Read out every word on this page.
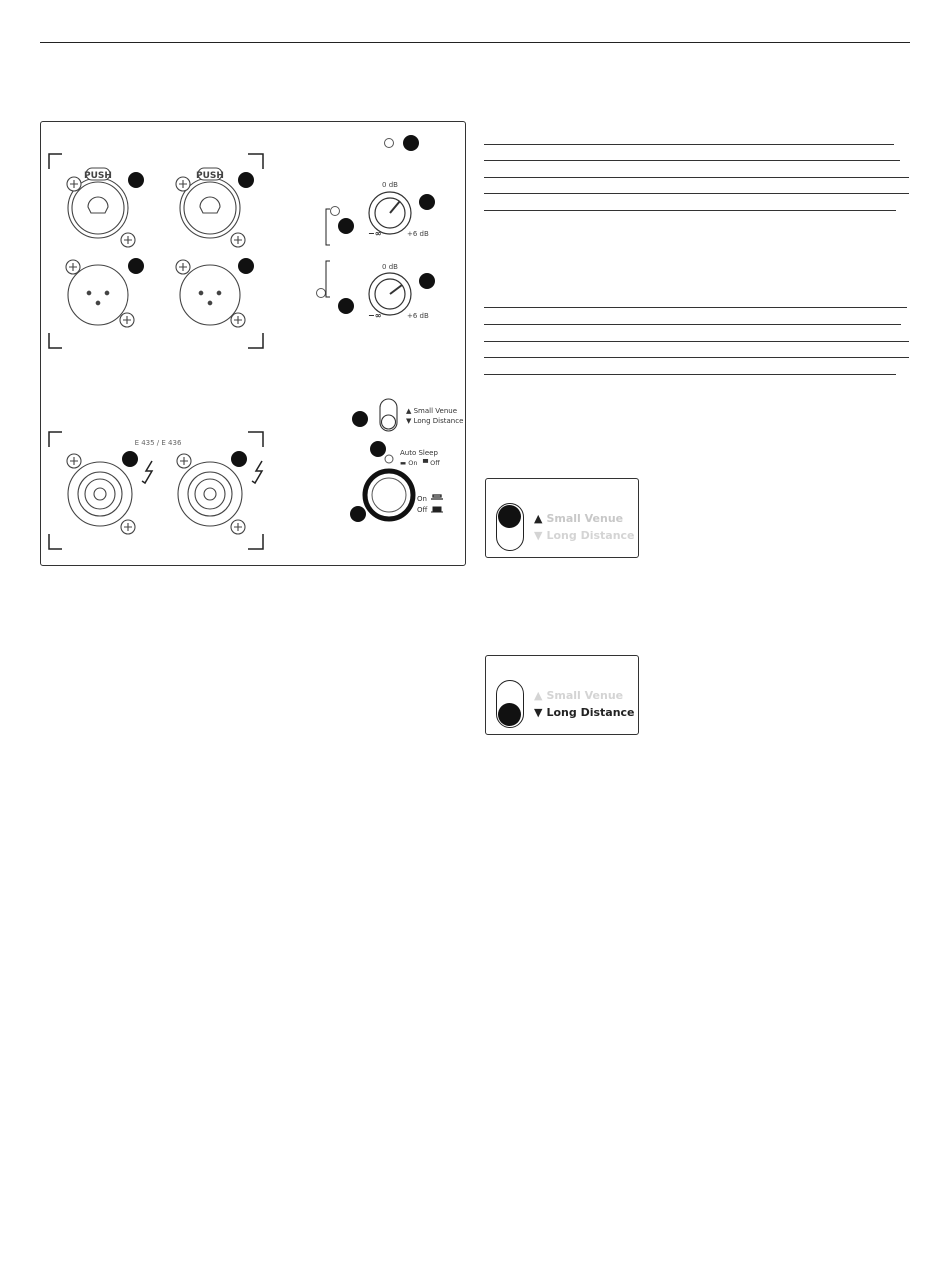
PUSH	PUSH
E 435 / E 436
0 dB
−∞	+6 dB
0 dB
−∞	+6 dB
▲ Small Venue
▼ Long Distance
Auto Sleep
▬ On ▀ Off
On
Off
▲ Small Venue
▼ Long Distance
▲ Small Venue
▼ Long Distance
